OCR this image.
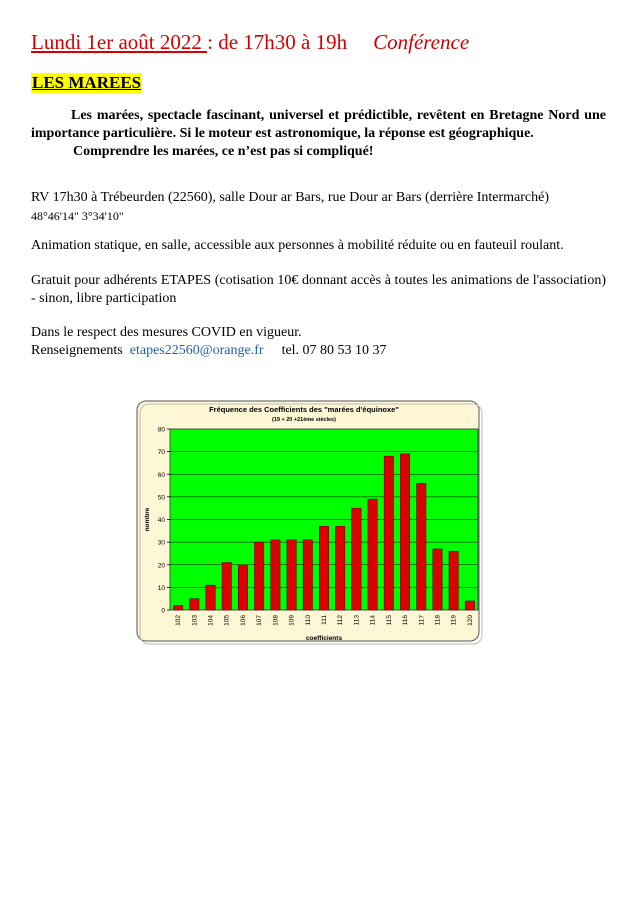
Lundi 1er août 2022 : de 17h30 à 19h Conférence
LES MAREES

Les marées, spectacle fascinant, universel et prédictible, revêtent en Bretagne Nord une importance particulière. Si le moteur est astronomique, la réponse est géographique.
Comprendre les marées, ce n’est pas si compliqué!

RV 17h30 à Trébeurden (22560), salle Dour ar Bars, rue Dour ar Bars (derrière Intermarché)
48°46'14" 3°34'10"

Animation statique, en salle, accessible aux personnes à mobilité réduite ou en fauteuil roulant.

Gratuit pour adhérents ETAPES (cotisation 10€ donnant accès à toutes les animations de l'association) - sinon, libre participation

Dans le respect des mesures COVID en vigueur.
Renseignements etapes22560@orange.fr tel. 07 80 53 10 37

0
10
20
30
40
50
60
70
80
102 103 104 105 106 107 108 109 110 111 112 113 114 115 116 117 118 119 120
Fréquence des Coefficients des "marées d'équinoxe"
(19 + 20 +21ème siècles)
coefficients
nombre
